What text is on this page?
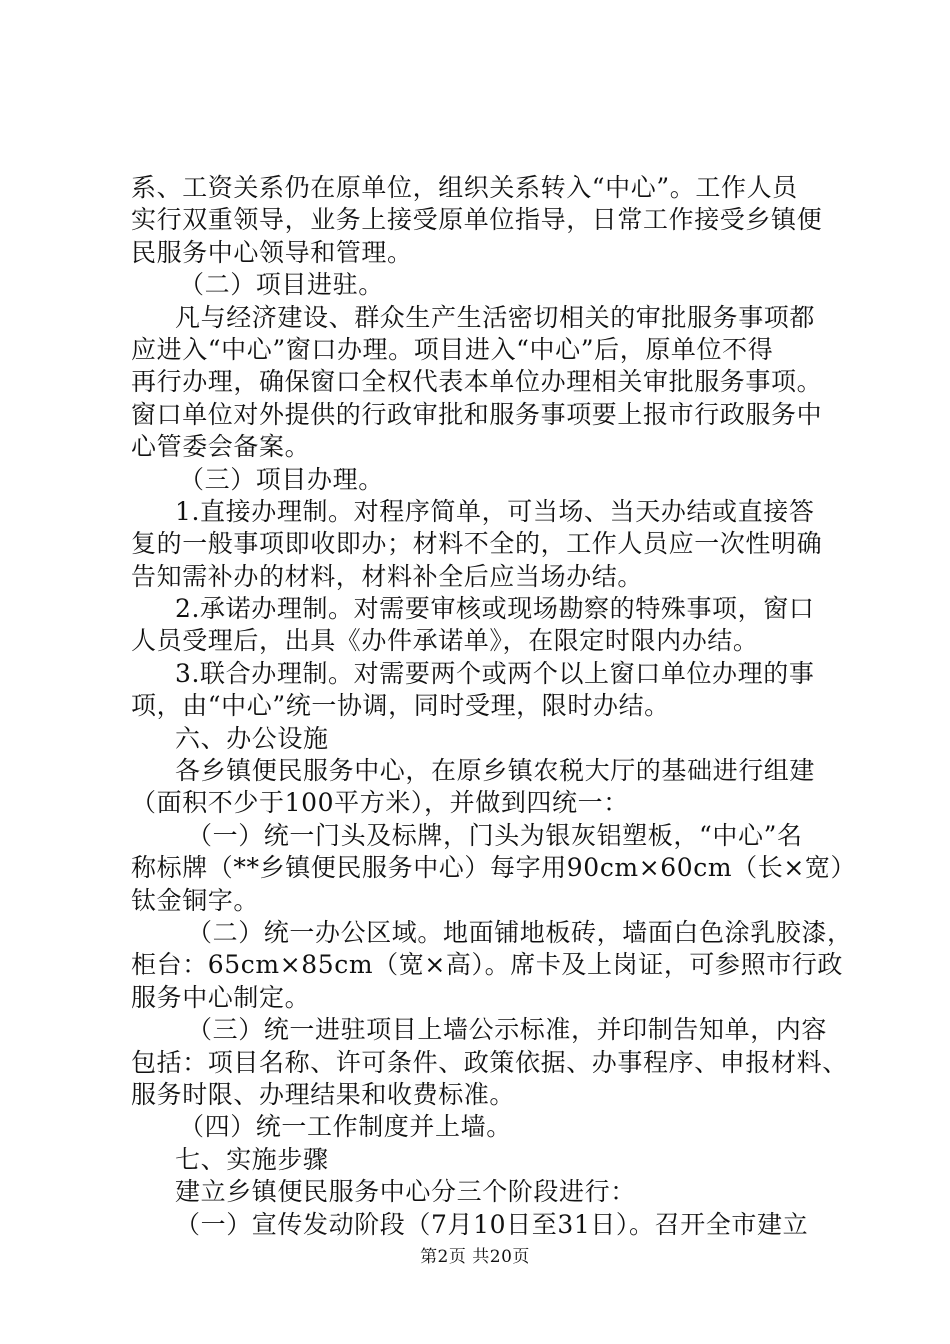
系、工资关系仍在原单位，组织关系转入“中心”。工作人员
实行双重领导，业务上接受原单位指导，日常工作接受乡镇便
民服务中心领导和管理。
（二）项目进驻。
凡与经济建设、群众生产生活密切相关的审批服务事项都
应进入“中心”窗口办理。项目进入“中心”后，原单位不得
再行办理，确保窗口全权代表本单位办理相关审批服务事项。
窗口单位对外提供的行政审批和服务事项要上报市行政服务中
心管委会备案。
（三）项目办理。
1.直接办理制。对程序简单，可当场、当天办结或直接答
复的一般事项即收即办；材料不全的，工作人员应一次性明确
告知需补办的材料，材料补全后应当场办结。
2.承诺办理制。对需要审核或现场勘察的特殊事项，窗口
人员受理后，出具《办件承诺单》，在限定时限内办结。
3.联合办理制。对需要两个或两个以上窗口单位办理的事
项，由“中心”统一协调，同时受理，限时办结。
六、办公设施
各乡镇便民服务中心，在原乡镇农税大厅的基础进行组建
（面积不少于100平方米），并做到四统一：
（一）统一门头及标牌，门头为银灰铝塑板，“中心”名
称标牌（**乡镇便民服务中心）每字用90cm×60cm（长×宽）
钛金铜字。
（二）统一办公区域。地面铺地板砖，墙面白色涂乳胶漆，
柜台：65cm×85cm（宽×高）。席卡及上岗证，可参照市行政
服务中心制定。
（三）统一进驻项目上墙公示标准，并印制告知单，内容
包括：项目名称、许可条件、政策依据、办事程序、申报材料、
服务时限、办理结果和收费标准。
（四）统一工作制度并上墙。
七、实施步骤
建立乡镇便民服务中心分三个阶段进行：
（一）宣传发动阶段（7月10日至31日）。召开全市建立
第2页 共20页
